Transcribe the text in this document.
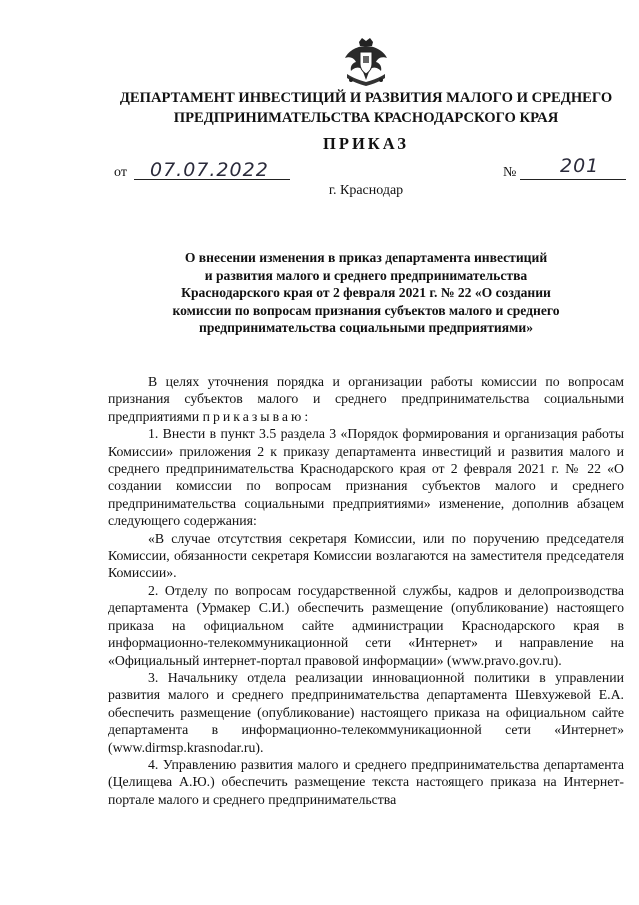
ДЕПАРТАМЕНТ ИНВЕСТИЦИЙ И РАЗВИТИЯ МАЛОГО И СРЕДНЕГО
ПРЕДПРИНИМАТЕЛЬСТВА КРАСНОДАРСКОГО КРАЯ
ПРИКАЗ
от 07.07.2022	№ 201

г. Краснодар

О внесении изменения в приказ департамента инвестиций
и развития малого и среднего предпринимательства
Краснодарского края от 2 февраля 2021 г. № 22 «О создании
комиссии по вопросам признания субъектов малого и среднего
предпринимательства социальными предприятиями»

В целях уточнения порядка и организации работы комиссии по вопросам признания субъектов малого и среднего предпринимательства социальными предприятиями приказываю:

1. Внести в пункт 3.5 раздела 3 «Порядок формирования и организация работы Комиссии» приложения 2 к приказу департамента инвестиций и развития малого и среднего предпринимательства Краснодарского края от 2 февраля 2021 г. № 22 «О создании комиссии по вопросам признания субъектов малого и среднего предпринимательства социальными предприятиями» изменение, дополнив абзацем следующего содержания:

«В случае отсутствия секретаря Комиссии, или по поручению председателя Комиссии, обязанности секретаря Комиссии возлагаются на заместителя председателя Комиссии».

2. Отделу по вопросам государственной службы, кадров и делопроизводства департамента (Урмакер С.И.) обеспечить размещение (опубликование) настоящего приказа на официальном сайте администрации Краснодарского края в информационно-телекоммуникационной сети «Интернет» и направление на «Официальный интернет-портал правовой информации» (www.pravo.gov.ru).

3. Начальнику отдела реализации инновационной политики в управлении развития малого и среднего предпринимательства департамента Шевхужевой Е.А. обеспечить размещение (опубликование) настоящего приказа на официальном сайте департамента в информационно-телекоммуникационной сети «Интернет» (www.dirmsp.krasnodar.ru).

4. Управлению развития малого и среднего предпринимательства департамента (Целищева А.Ю.) обеспечить размещение текста настоящего приказа на Интернет-портале малого и среднего предпринимательства
